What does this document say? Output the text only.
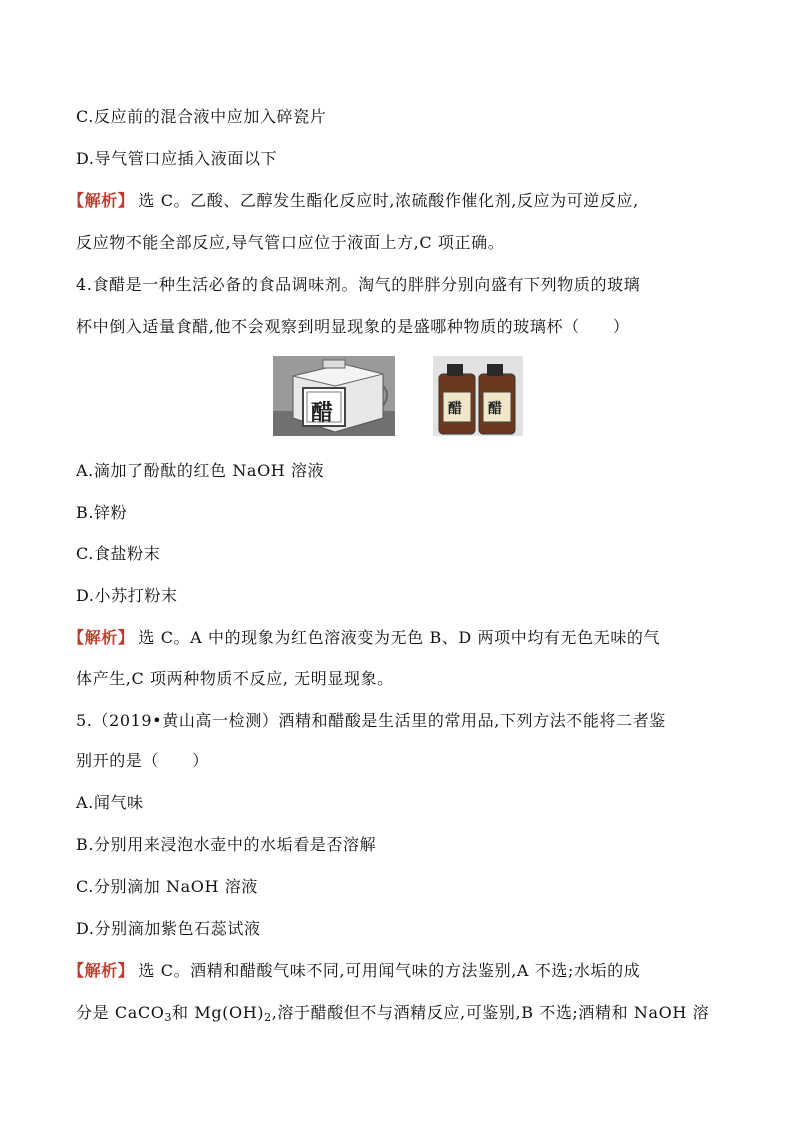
C.反应前的混合液中应加入碎瓷片
D.导气管口应插入液面以下
【解析】 选 C。乙酸、乙醇发生酯化反应时,浓硫酸作催化剂,反应为可逆反应,
反应物不能全部反应,导气管口应位于液面上方,C 项正确。
4.食醋是一种生活必备的食品调味剂。淘气的胖胖分别向盛有下列物质的玻璃
杯中倒入适量食醋,他不会观察到明显现象的是盛哪种物质的玻璃杯（　　）
醋	醋 醋
A.滴加了酚酞的红色 NaOH 溶液
B.锌粉
C.食盐粉末
D.小苏打粉末
【解析】 选 C。A 中的现象为红色溶液变为无色 B、D 两项中均有无色无味的气
体产生,C 项两种物质不反应, 无明显现象。
5.（2019•黄山高一检测）酒精和醋酸是生活里的常用品,下列方法不能将二者鉴
别开的是（　　）
A.闻气味
B.分别用来浸泡水壶中的水垢看是否溶解
C.分别滴加 NaOH 溶液
D.分别滴加紫色石蕊试液
【解析】 选 C。酒精和醋酸气味不同,可用闻气味的方法鉴别,A 不选;水垢的成
分是 CaCO$_3$和 $Mg(OH)_2$,溶于醋酸但不与酒精反应,可鉴别,B 不选;酒精和 NaOH 溶
